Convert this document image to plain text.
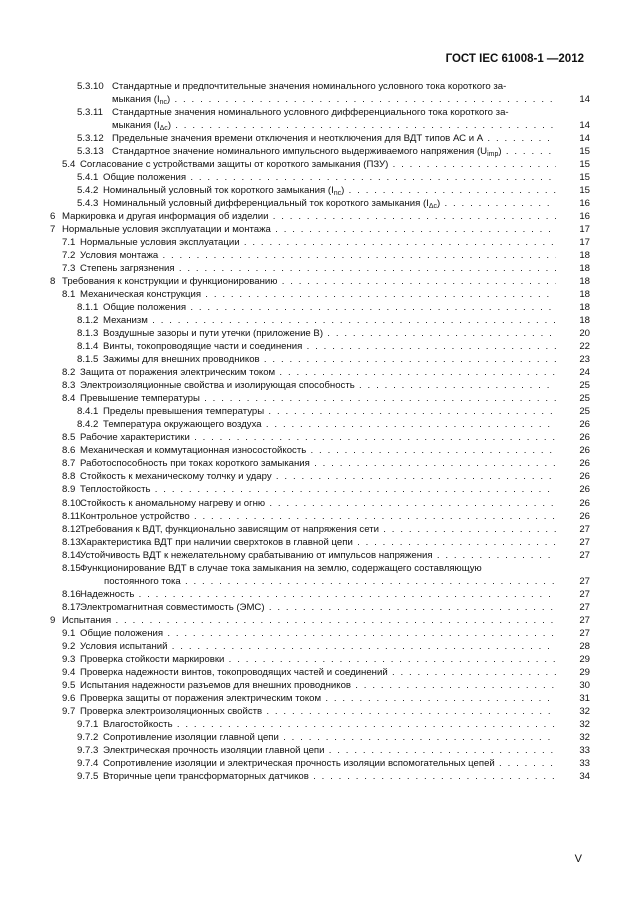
ГОСТ IEC 61008-1 —2012
5.3.10 Стандартные и предпочтительные значения номинального условного тока короткого за-
мыкания $(I_{nc})$ . . .	14
5.3.11 Стандартные значения номинального условного дифференциального тока короткого за-
мыкания $(I_{\Delta c})$ . . .	14
5.3.12 Предельные значения времени отключения и неотключения для ВДТ типов АС и А . . .	14
5.3.13 Стандартное значение номинального импульсного выдерживаемого напряжения $(U_{imp})$ . . .	15
5.4 Согласование с устройствами защиты от короткого замыкания (ПЗУ) . . .	15
5.4.1 Общие положения . . .	15
5.4.2 Номинальный условный ток короткого замыкания $(I_{nc})$ . . .	15
5.4.3 Номинальный условный дифференциальный ток короткого замыкания $(I_{\Delta c})$ . . .	16
6 Маркировка и другая информация об изделии . . .	16
7 Нормальные условия эксплуатации и монтажа . . .	17
7.1 Нормальные условия эксплуатации . . .	17
7.2 Условия монтажа . . .	18
7.3 Степень загрязнения . . .	18
8 Требования к конструкции и функционированию . . .	18
8.1 Механическая конструкция . . .	18
8.1.1 Общие положения . . .	18
8.1.2 Механизм . . .	18
8.1.3 Воздушные зазоры и пути утечки (приложение В) . . .	20
8.1.4 Винты, токопроводящие части и соединения . . .	22
8.1.5 Зажимы для внешних проводников . . .	23
8.2 Защита от поражения электрическим током . . .	24
8.3 Электроизоляционные свойства и изолирующая способность . . .	25
8.4 Превышение температуры . . .	25
8.4.1 Пределы превышения температуры . . .	25
8.4.2 Температура окружающего воздуха . . .	26
8.5 Рабочие характеристики . . .	26
8.6 Механическая и коммутационная износостойкость . . .	26
8.7 Работоспособность при токах короткого замыкания . . .	26
8.8 Стойкость к механическому толчку и удару . . .	26
8.9 Теплостойкость . . .	26
8.10 Стойкость к аномальному нагреву и огню . . .	26
8.11 Контрольное устройство . . .	26
8.12 Требования к ВДТ, функционально зависящим от напряжения сети . . .	27
8.13 Характеристика ВДТ при наличии сверхтоков в главной цепи . . .	27
8.14 Устойчивость ВДТ к нежелательному срабатыванию от импульсов напряжения . . .	27
8.15 Функционирование ВДТ в случае тока замыкания на землю, содержащего составляющую
постоянного тока . . .	27
8.16 Надежность . . .	27
8.17 Электромагнитная совместимость (ЭМС) . . .	27
9 Испытания . . .	27
9.1 Общие положения . . .	27
9.2 Условия испытаний . . .	28
9.3 Проверка стойкости маркировки . . .	29
9.4 Проверка надежности винтов, токопроводящих частей и соединений . . .	29
9.5 Испытания надежности разъемов для внешних проводников . . .	30
9.6 Проверка защиты от поражения электрическим током . . .	31
9.7 Проверка электроизоляционных свойств . . .	32
9.7.1 Влагостойкость . . .	32
9.7.2 Сопротивление изоляции главной цепи . . .	32
9.7.3 Электрическая прочность изоляции главной цепи . . .	33
9.7.4 Сопротивление изоляции и электрическая прочность изоляции вспомогательных цепей . . .	33
9.7.5 Вторичные цепи трансформаторных датчиков . . .	34
V
